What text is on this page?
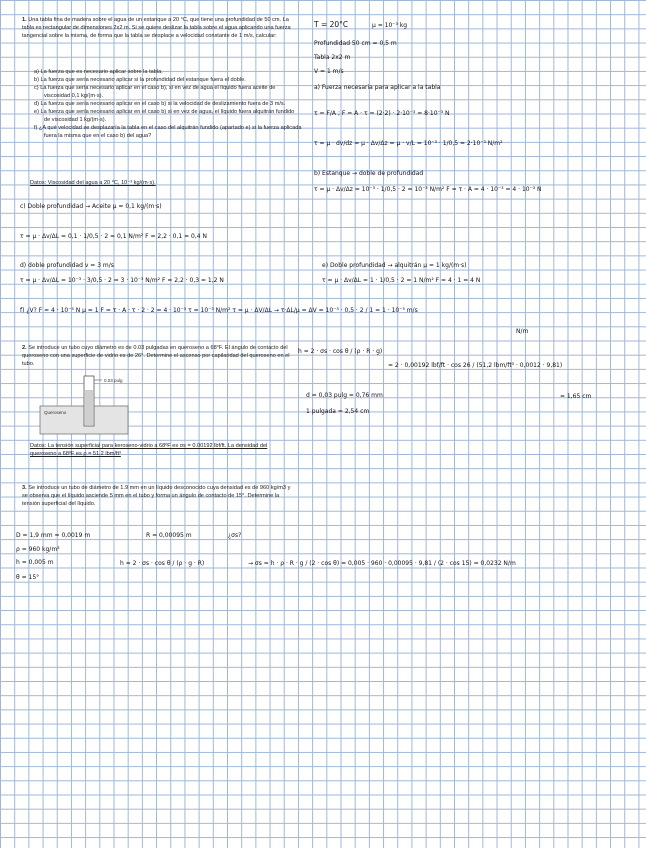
1. Una tabla fina de madera sobre el agua de un estanque a 20 °C, que tiene una profundidad de 50 cm. La tabla es rectangular de dimensiones 2x2 m. Si se quiere deslizar la tabla sobre el agua aplicando una fuerza tangencial sobre la misma, de forma que la tabla se desplace a velocidad constante de 1 m/s, calcular:

a) La fuerza que es necesario aplicar sobre la tabla.
b) La fuerza que sería necesario aplicar si la profundidad del estanque fuera el doble.
c) La fuerza que sería necesario aplicar en el caso b), si en vez de agua el líquido fuera aceite de viscosidad 0,1 kg/(m·s).
d) La fuerza que sería necesario aplicar en el caso b) si la velocidad de deslizamiento fuera de 3 m/s.
e) La fuerza que sería necesario aplicar en el caso b) si en vez de agua, el líquido fuera alquitrán fundido de viscosidad 1 kg/(m·s).
f) ¿A qué velocidad se desplazaría la tabla en el caso del alquitrán fundido (apartado e) si la fuerza aplicada fuera la misma que en el caso b) del agua?
Datos: Viscosidad del agua a 20 °C, 10⁻³ kg/(m·s).
T = 20°C	μ = 10⁻³ kg
Profundidad 50 cm = 0,5 m
Tabla 2x2 m
V = 1 m/s
a) Fuerza necesaria para aplicar a la tabla
τ = F/A ; F = A · τ = (2·2) · 2·10⁻³ = 8·10⁻³ N
τ = μ · dv/dz = μ · Δv/Δz = μ · v/L = 10⁻³ · 1/0,5 = 2·10⁻³ N/m²
b) Estanque → doble de profundidad
τ = μ · Δv/Δz = 10⁻³ · 1/0,5 · 2 = 10⁻³ N/m² F = τ · A = 4 · 10⁻³ = 4 · 10⁻³ N
c) Doble profundidad → Aceite μ = 0,1 kg/(m·s)
τ = μ · Δv/ΔL = 0,1 · 1/0,5 · 2 = 0,1 N/m² F = 2,2 · 0,1 = 0,4 N
d) doble profundidad v = 3 m/s
τ = μ · Δv/ΔL = 10⁻³ · 3/0,5 · 2 = 3 · 10⁻³ N/m² F = 2,2 · 0,3 = 1,2 N
e) Doble profundidad → alquitrán μ = 1 kg/(m·s)
τ = μ · Δv/ΔL = 1 · 1/0,5 · 2 = 1 N/m² F = 4 · 1 = 4 N
f) ¿V? F = 4 · 10⁻³ N μ = 1 F = τ · A · τ · 2 · 2 = 4 · 10⁻³ τ = 10⁻³ N/m² τ = μ · ΔV/ΔL → τ·ΔL/μ = ΔV = 10⁻³ · 0,5 · 2 / 1 = 1 · 10⁻³ m/s
N/m

2. Se introduce un tubo cuyo diámetro es de 0.03 pulgadas en queroseno a 68°F. El ángulo de contacto del queroseno con una superficie de vidrio es de 26°. Determine el ascenso por capilaridad del queroseno en el tubo.

0.03 pulg
Queroseno
Datos: La tensión superficial para keroseno-vidrio a 68ºF es σs = 0.00192 lbf/ft. La densidad del queroseno a 68ºF es ρ = 51.2 lbm/ft³
h = 2 · σs · cos θ / (ρ · R · g)
= 2 · 0,00192 lbf/ft · cos 26 / (51,2 lbm/ft³ · 0,0012 · 9,81)
d = 0,03 pulg = 0,76 mm
1 pulgada = 2,54 cm
= 1,65 cm

3. Se introduce un tubo de diámetro de 1.9 mm en un líquido desconocido cuya densidad es de 960 kg/m3 y se observa que el líquido asciende 5 mm en el tubo y forma un ángulo de contacto de 15°. Determine la tensión superficial del líquido.

D = 1,9 mm = 0,0019 m
ρ = 960 kg/m³
h = 0,005 m
θ = 15°
R = 0,00095 m	¿σs?
h = 2 · σs · cos θ / (ρ · g · R)	→ σs = h · ρ · R · g / (2 · cos θ) = 0,005 · 960 · 0,00095 · 9,81 / (2 · cos 15) = 0,0232 N/m
